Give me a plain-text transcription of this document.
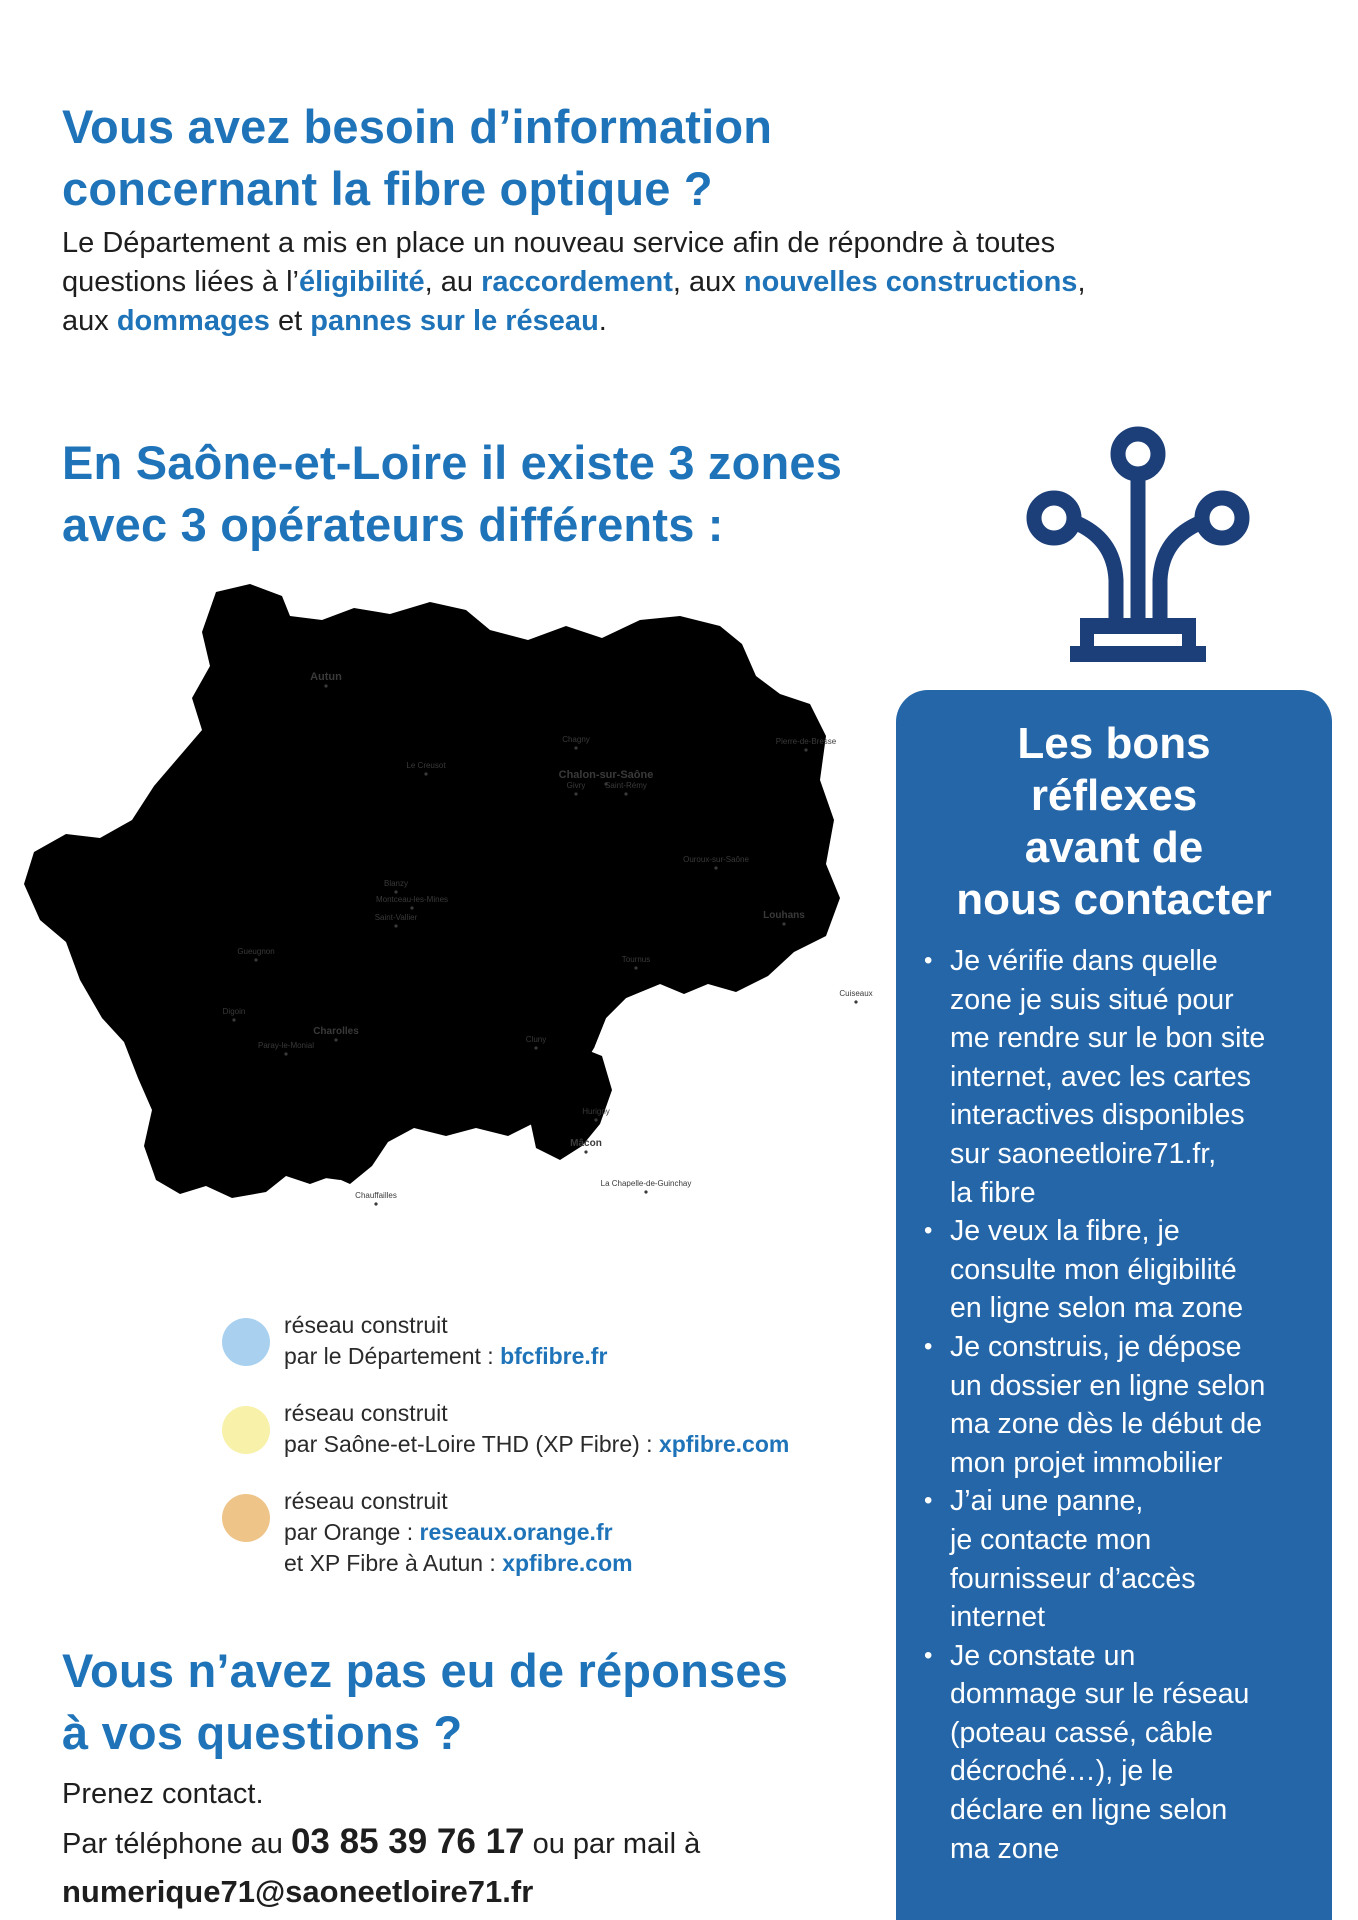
Vous avez besoin d’information
concernant la fibre optique ?
Le Département a mis en place un nouveau service afin de répondre à toutes
questions liées à l’éligibilité, au raccordement, aux nouvelles constructions,
aux dommages et pannes sur le réseau.
En Saône-et-Loire il existe 3 zones
avec 3 opérateurs différents :
Autun
Chagny
Givry
Chalon-sur-Saône
Saint-Rémy
Le Creusot
Pierre-de-Bresse
Ouroux-sur-Saône
Blanzy
Montceau-les-Mines
Saint-Vallier	Louhans
Gueugnon
Tournus
Cuiseaux
Digoin
Charolles
Paray-le-Monial
Cluny
Hurigny
Mâcon
La Chapelle-de-Guinchay
Chauffailles
réseau construit
par le Département : bfcfibre.fr
réseau construit
par Saône-et-Loire THD (XP Fibre) : xpfibre.com
réseau construit
par Orange : reseaux.orange.fr
et XP Fibre à Autun : xpfibre.com
Vous n’avez pas eu de réponses
à vos questions ?
Prenez contact.
Par téléphone au 03 85 39 76 17 ou par mail à
numerique71@saoneetloire71.fr
Les bons
réflexes
avant de
nous contacter
• Je vérifie dans quelle
zone je suis situé pour
me rendre sur le bon site
internet, avec les cartes
interactives disponibles
sur saoneetloire71.fr,
la fibre
• Je veux la fibre, je
consulte mon éligibilité
en ligne selon ma zone
• Je construis, je dépose
un dossier en ligne selon
ma zone dès le début de
mon projet immobilier
• J’ai une panne,
je contacte mon
fournisseur d’accès
internet
• Je constate un
dommage sur le réseau
(poteau cassé, câble
décroché…), je le
déclare en ligne selon
ma zone
